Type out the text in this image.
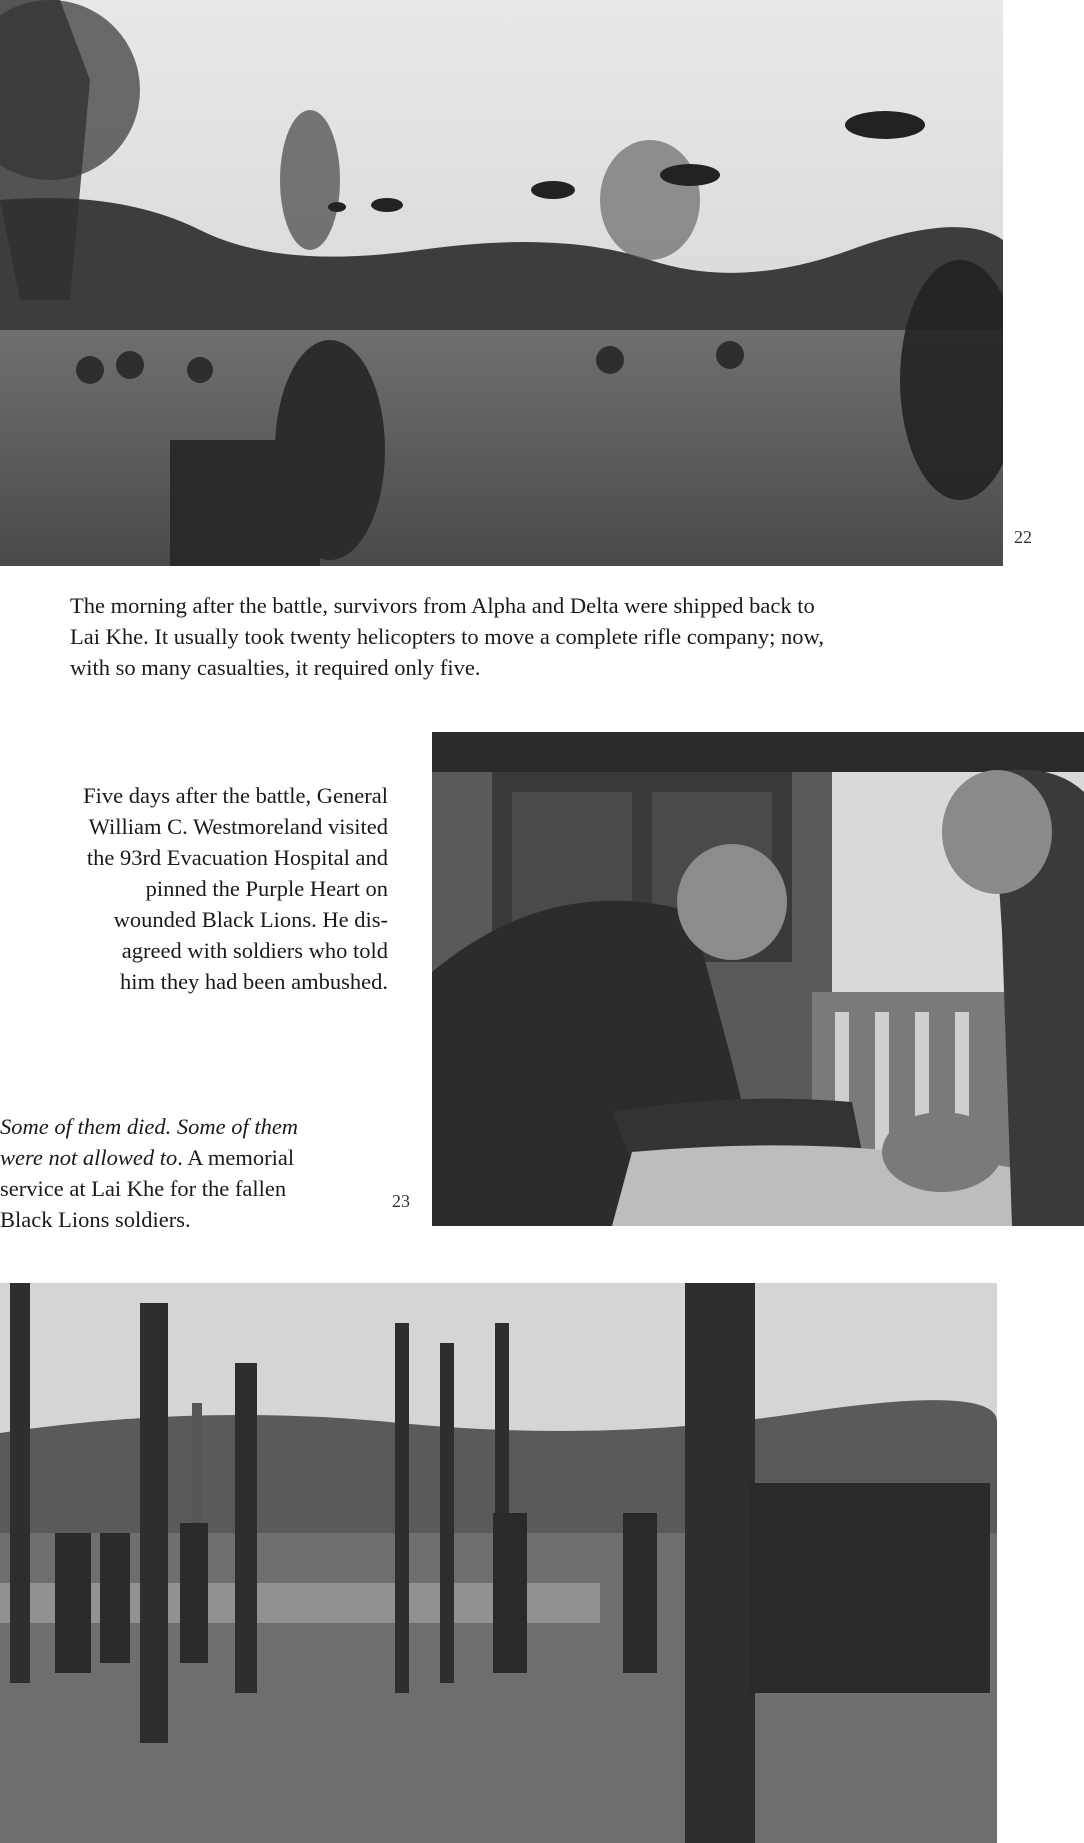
22

The morning after the battle, survivors from Alpha and Delta were shipped back to

Lai Khe. It usually took twenty helicopters to move a complete rifle company; now,

with so many casualties, it required only five.

Five days after the battle, General

William C. Westmoreland visited

the 93rd Evacuation Hospital and

pinned the Purple Heart on

wounded Black Lions. He dis-

agreed with soldiers who told

him they had been ambushed.

Some of them died. Some of them

were not allowed to. A memorial

service at Lai Khe for the fallen

Black Lions soldiers.

23
